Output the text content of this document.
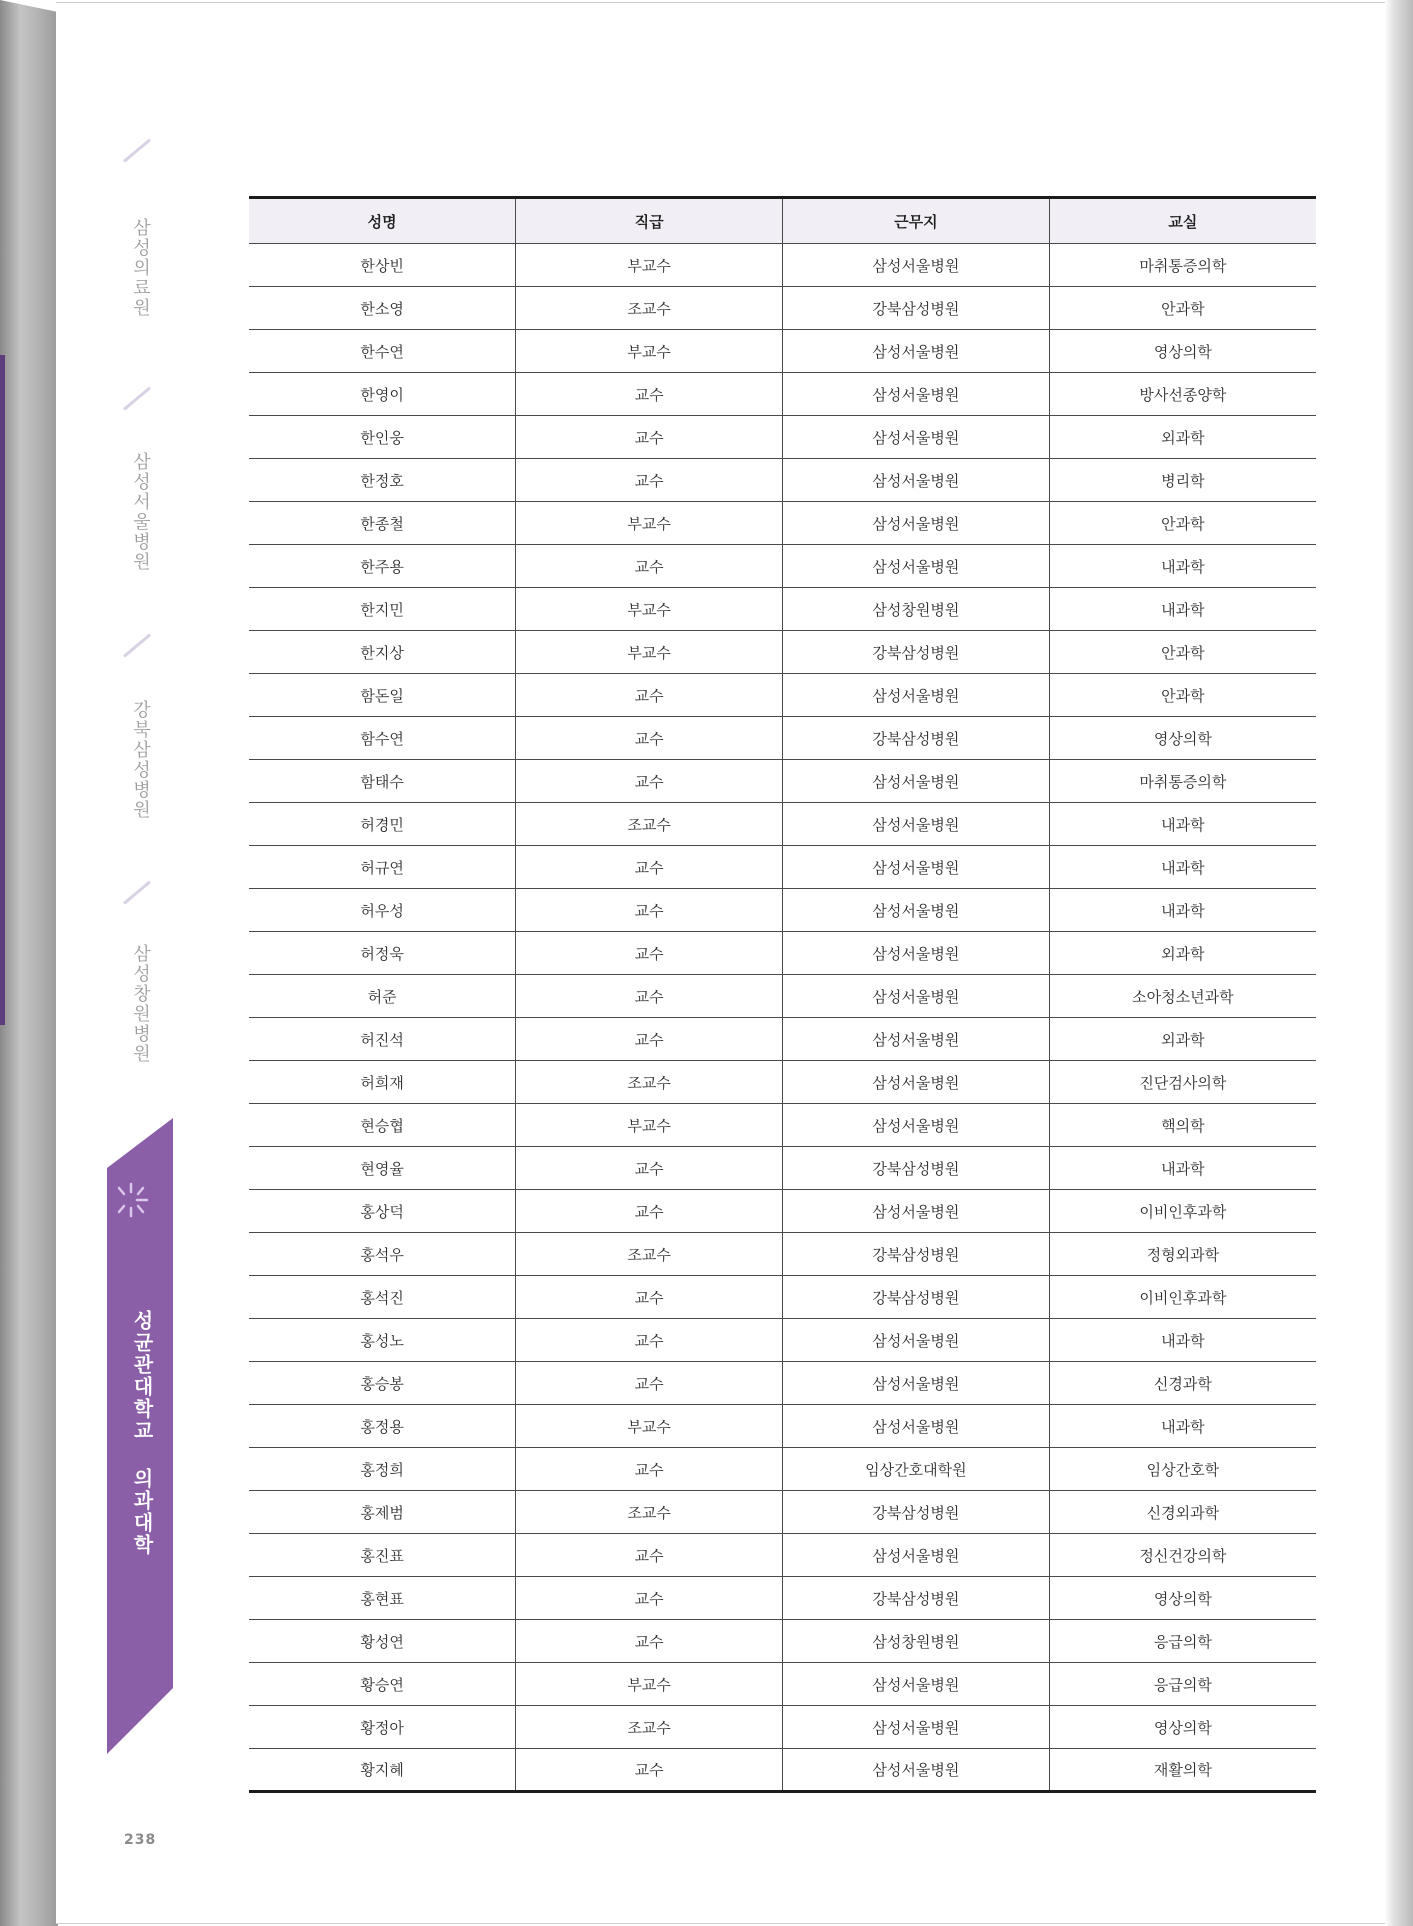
삼성의료원
삼성서울병원
강북삼성병원
삼성창원병원
성균관대학교 의과대학
238
성명	직급	근무지	교실
한상빈	부교수	삼성서울병원	마취통증의학
한소영	조교수	강북삼성병원	안과학
한수연	부교수	삼성서울병원	영상의학
한영이	교수	삼성서울병원	방사선종양학
한인웅	교수	삼성서울병원	외과학
한정호	교수	삼성서울병원	병리학
한종철	부교수	삼성서울병원	안과학
한주용	교수	삼성서울병원	내과학
한지민	부교수	삼성창원병원	내과학
한지상	부교수	강북삼성병원	안과학
함돈일	교수	삼성서울병원	안과학
함수연	교수	강북삼성병원	영상의학
함태수	교수	삼성서울병원	마취통증의학
허경민	조교수	삼성서울병원	내과학
허규연	교수	삼성서울병원	내과학
허우성	교수	삼성서울병원	내과학
허정욱	교수	삼성서울병원	외과학
허준	교수	삼성서울병원	소아청소년과학
허진석	교수	삼성서울병원	외과학
허희재	조교수	삼성서울병원	진단검사의학
현승협	부교수	삼성서울병원	핵의학
현영율	교수	강북삼성병원	내과학
홍상덕	교수	삼성서울병원	이비인후과학
홍석우	조교수	강북삼성병원	정형외과학
홍석진	교수	강북삼성병원	이비인후과학
홍성노	교수	삼성서울병원	내과학
홍승봉	교수	삼성서울병원	신경과학
홍정용	부교수	삼성서울병원	내과학
홍정희	교수	임상간호대학원	임상간호학
홍제범	조교수	강북삼성병원	신경외과학
홍진표	교수	삼성서울병원	정신건강의학
홍현표	교수	강북삼성병원	영상의학
황성연	교수	삼성창원병원	응급의학
황승연	부교수	삼성서울병원	응급의학
황정아	조교수	삼성서울병원	영상의학
황지혜	교수	삼성서울병원	재활의학
